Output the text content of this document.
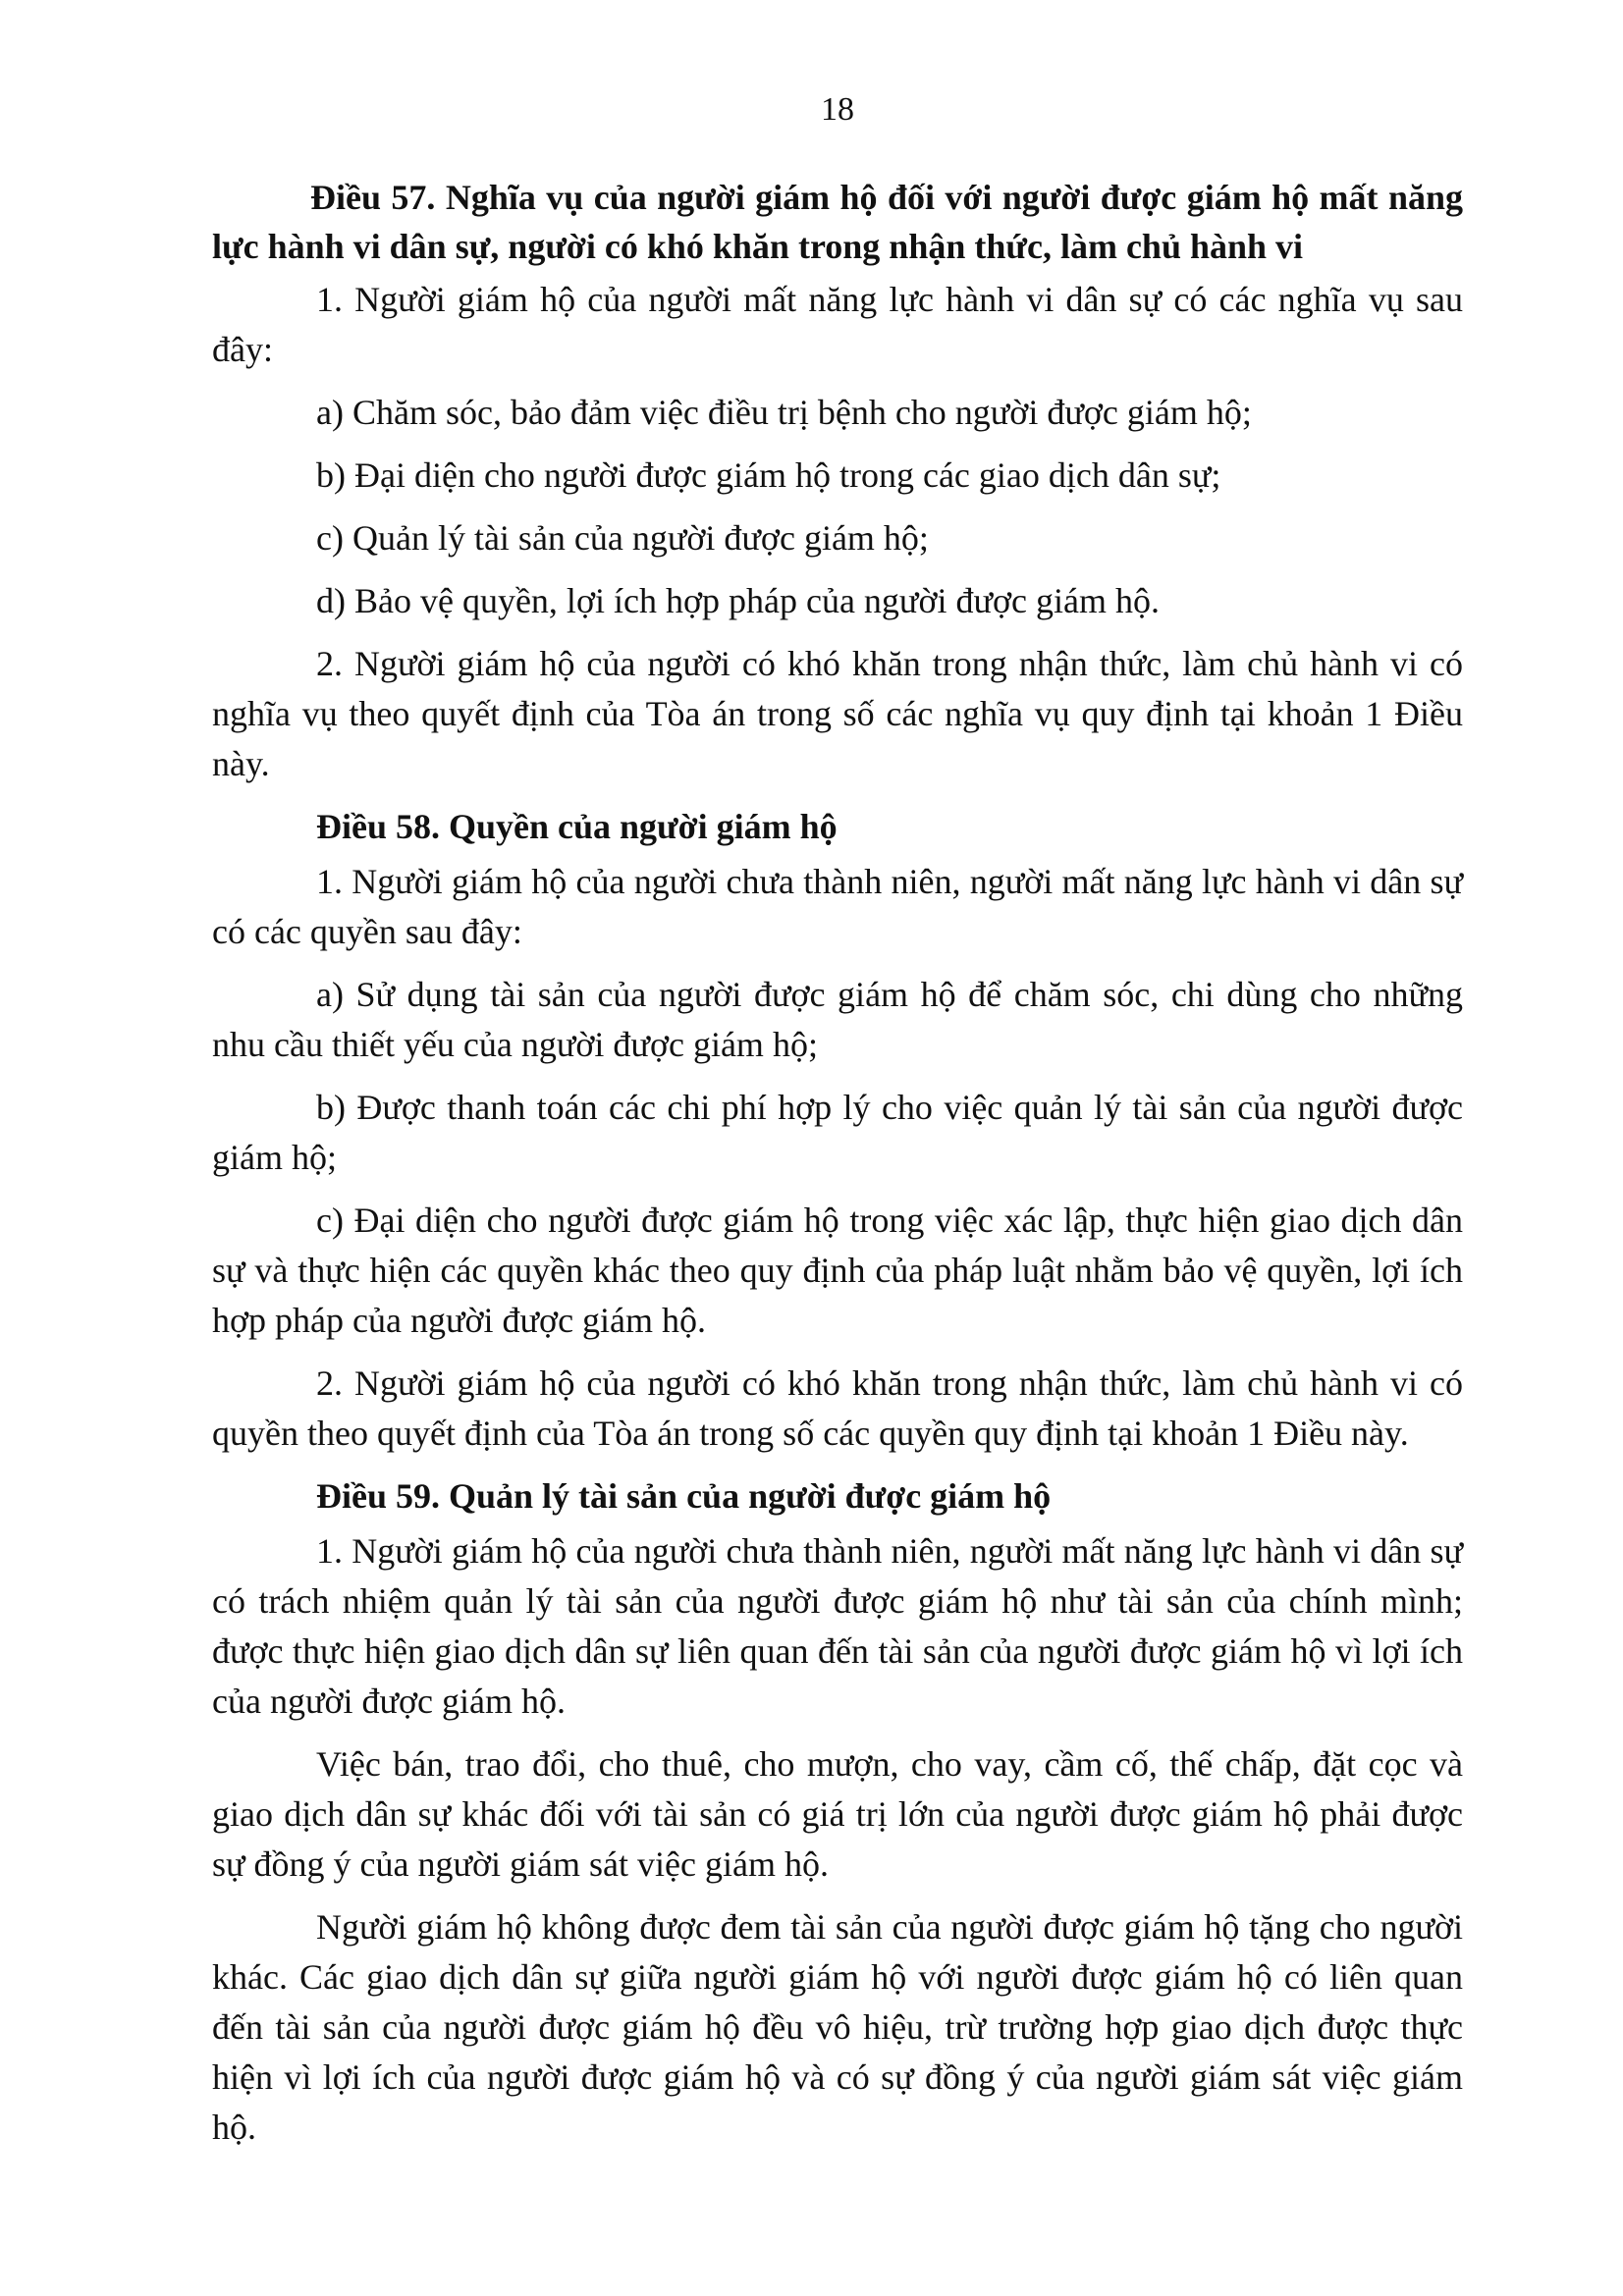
18
Điều 57. Nghĩa vụ của người giám hộ đối với người được giám hộ mất năng lực hành vi dân sự, người có khó khăn trong nhận thức, làm chủ hành vi

1. Người giám hộ của người mất năng lực hành vi dân sự có các nghĩa vụ sau đây:

a) Chăm sóc, bảo đảm việc điều trị bệnh cho người được giám hộ;

b) Đại diện cho người được giám hộ trong các giao dịch dân sự;

c) Quản lý tài sản của người được giám hộ;

d) Bảo vệ quyền, lợi ích hợp pháp của người được giám hộ.

2. Người giám hộ của người có khó khăn trong nhận thức, làm chủ hành vi có nghĩa vụ theo quyết định của Tòa án trong số các nghĩa vụ quy định tại khoản 1 Điều này.

Điều 58. Quyền của người giám hộ

1. Người giám hộ của người chưa thành niên, người mất năng lực hành vi dân sự có các quyền sau đây:

a) Sử dụng tài sản của người được giám hộ để chăm sóc, chi dùng cho những nhu cầu thiết yếu của người được giám hộ;

b) Được thanh toán các chi phí hợp lý cho việc quản lý tài sản của người được giám hộ;

c) Đại diện cho người được giám hộ trong việc xác lập, thực hiện giao dịch dân sự và thực hiện các quyền khác theo quy định của pháp luật nhằm bảo vệ quyền, lợi ích hợp pháp của người được giám hộ.

2. Người giám hộ của người có khó khăn trong nhận thức, làm chủ hành vi có quyền theo quyết định của Tòa án trong số các quyền quy định tại khoản 1 Điều này.

Điều 59. Quản lý tài sản của người được giám hộ

1. Người giám hộ của người chưa thành niên, người mất năng lực hành vi dân sự có trách nhiệm quản lý tài sản của người được giám hộ như tài sản của chính mình; được thực hiện giao dịch dân sự liên quan đến tài sản của người được giám hộ vì lợi ích của người được giám hộ.

Việc bán, trao đổi, cho thuê, cho mượn, cho vay, cầm cố, thế chấp, đặt cọc và giao dịch dân sự khác đối với tài sản có giá trị lớn của người được giám hộ phải được sự đồng ý của người giám sát việc giám hộ.

Người giám hộ không được đem tài sản của người được giám hộ tặng cho người khác. Các giao dịch dân sự giữa người giám hộ với người được giám hộ có liên quan đến tài sản của người được giám hộ đều vô hiệu, trừ trường hợp giao dịch được thực hiện vì lợi ích của người được giám hộ và có sự đồng ý của người giám sát việc giám hộ.
